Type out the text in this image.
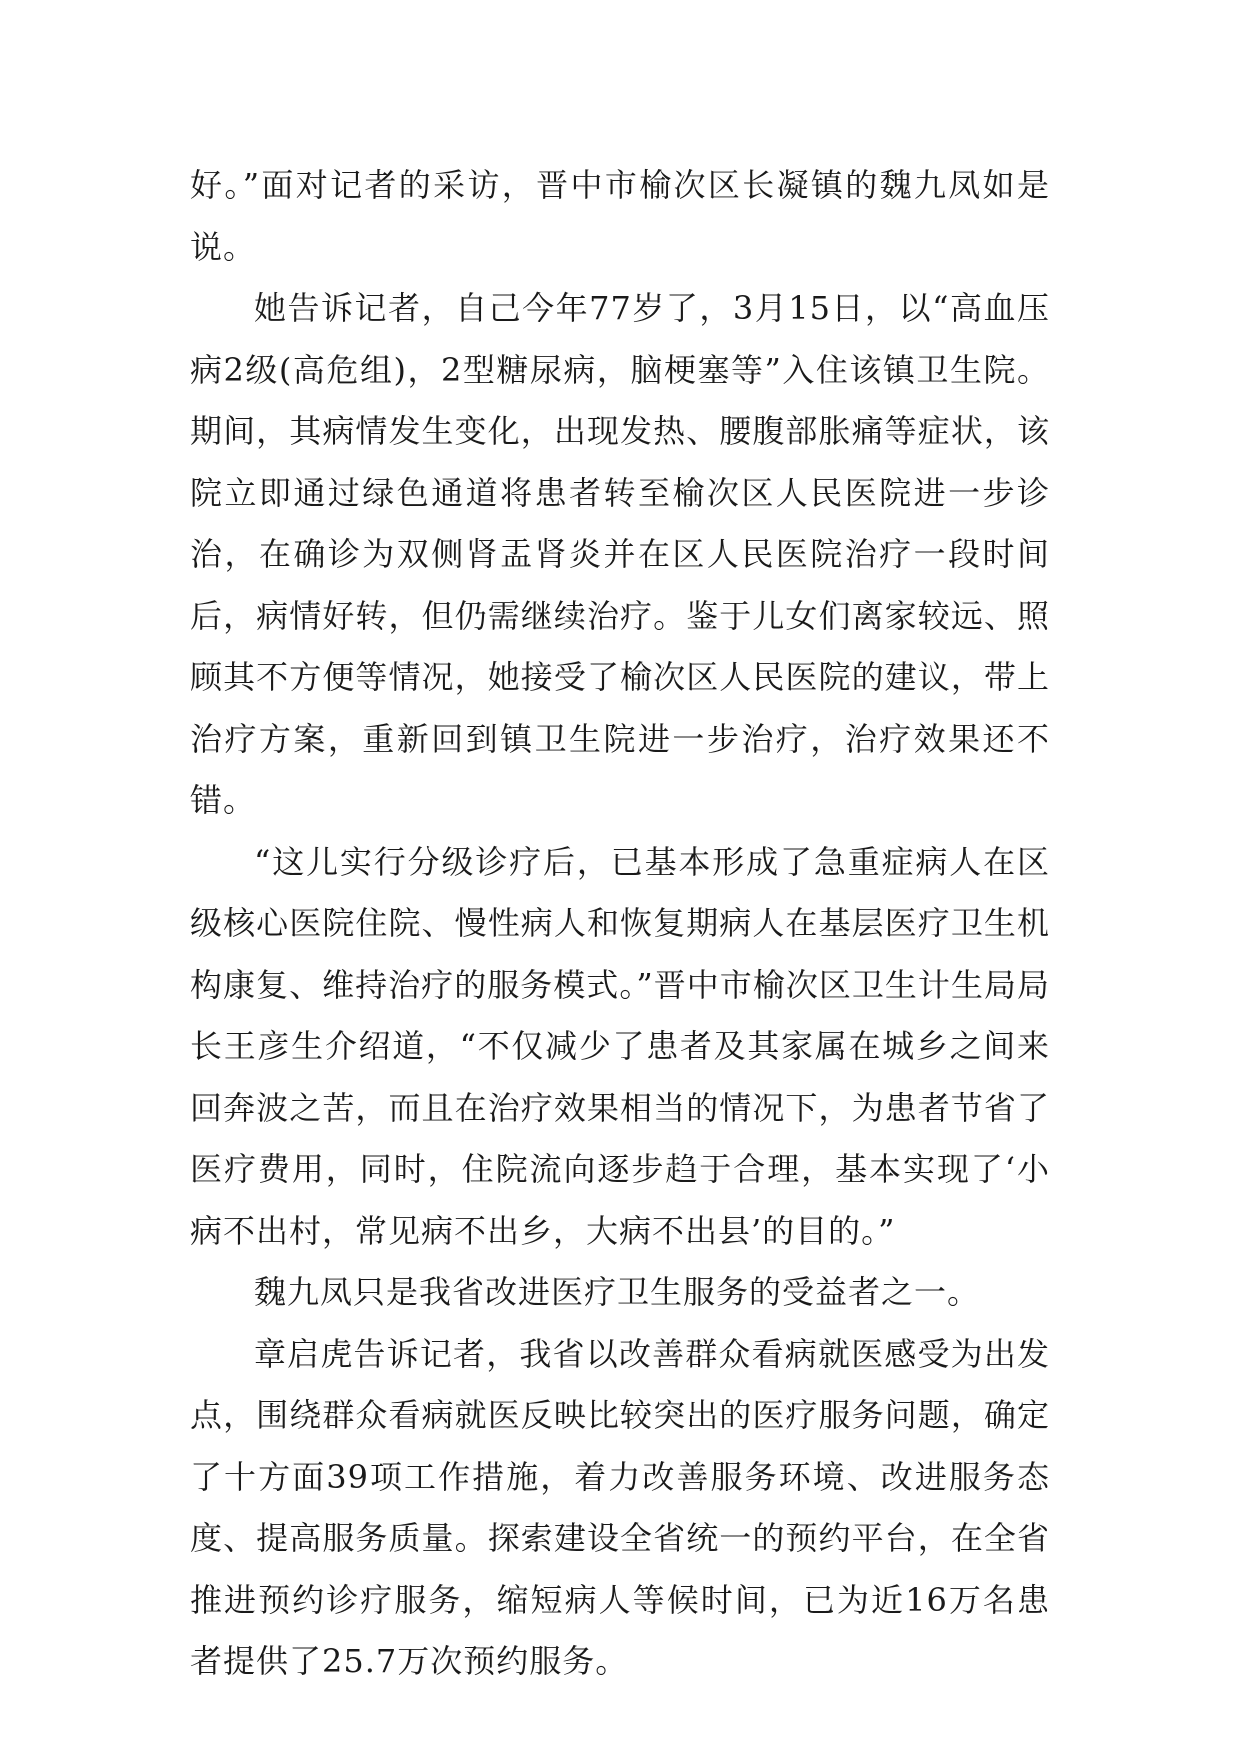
好。”面对记者的采访，晋中市榆次区长凝镇的魏九凤如是说。

她告诉记者，自己今年77岁了，3月15日，以“高血压病2级(高危组)，2型糖尿病，脑梗塞等”入住该镇卫生院。期间，其病情发生变化，出现发热、腰腹部胀痛等症状，该院立即通过绿色通道将患者转至榆次区人民医院进一步诊治，在确诊为双侧肾盂肾炎并在区人民医院治疗一段时间后，病情好转，但仍需继续治疗。鉴于儿女们离家较远、照顾其不方便等情况，她接受了榆次区人民医院的建议，带上治疗方案，重新回到镇卫生院进一步治疗，治疗效果还不错。

“这儿实行分级诊疗后，已基本形成了急重症病人在区级核心医院住院、慢性病人和恢复期病人在基层医疗卫生机构康复、维持治疗的服务模式。”晋中市榆次区卫生计生局局长王彦生介绍道，“不仅减少了患者及其家属在城乡之间来回奔波之苦，而且在治疗效果相当的情况下，为患者节省了医疗费用，同时，住院流向逐步趋于合理，基本实现了‘小病不出村，常见病不出乡，大病不出县’的目的。”

魏九凤只是我省改进医疗卫生服务的受益者之一。

章启虎告诉记者，我省以改善群众看病就医感受为出发点，围绕群众看病就医反映比较突出的医疗服务问题，确定了十方面39项工作措施，着力改善服务环境、改进服务态度、提高服务质量。探索建设全省统一的预约平台，在全省推进预约诊疗服务，缩短病人等候时间，已为近16万名患者提供了25.7万次预约服务。
